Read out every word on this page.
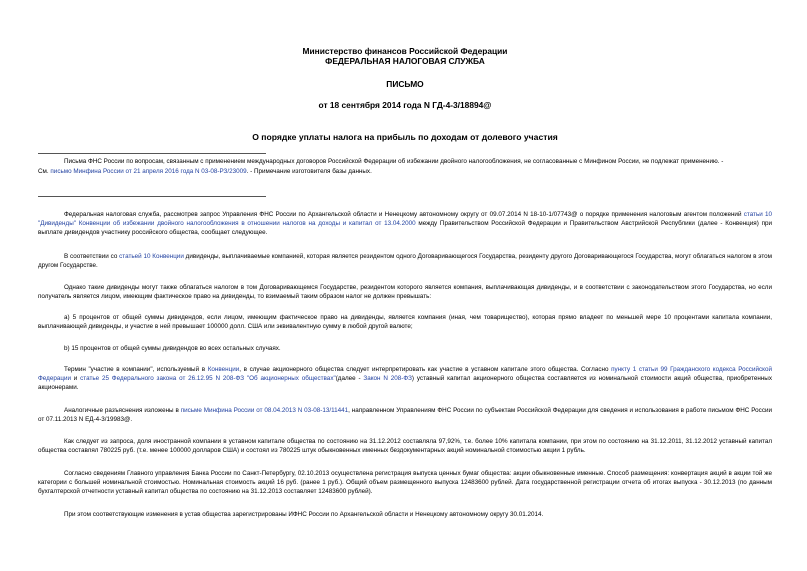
Министерство финансов Российской Федерации
ФЕДЕРАЛЬНАЯ НАЛОГОВАЯ СЛУЖБА
ПИСЬМО
от 18 сентября 2014 года N ГД-4-3/18894@
О порядке уплаты налога на прибыль по доходам от долевого участия
Письма ФНС России по вопросам, связанным с применением международных договоров Российской Федерации об избежании двойного налогообложения, не согласованные с Минфином России, не подлежат применению. -
См. письмо Минфина России от 21 апреля 2016 года N 03-08-РЗ/23009. - Примечание изготовителя базы данных.
Федеральная налоговая служба, рассмотрев запрос Управления ФНС России по Архангельской области и Ненецкому автономному округу от 09.07.2014 N 18-10-1/07743@ о порядке применения налоговым агентом положений статьи 10 "Дивиденды" Конвенции об избежании двойного налогообложения в отношении налогов на доходы и капитал от 13.04.2000 между Правительством Российской Федерации и Правительством Австрийской Республики (далее - Конвенция) при выплате дивидендов участнику российского общества, сообщает следующее.
В соответствии со статьей 10 Конвенции дивиденды, выплачиваемые компанией, которая является резидентом одного Договаривающегося Государства, резиденту другого Договаривающегося Государства, могут облагаться налогом в этом другом Государстве.
Однако такие дивиденды могут также облагаться налогом в том Договаривающемся Государстве, резидентом которого является компания, выплачивающая дивиденды, и в соответствии с законодательством этого Государства, но если получатель является лицом, имеющим фактическое право на дивиденды, то взимаемый таким образом налог не должен превышать:
а) 5 процентов от общей суммы дивидендов, если лицом, имеющим фактическое право на дивиденды, является компания (иная, чем товарищество), которая прямо владеет по меньшей мере 10 процентами капитала компании, выплачивающей дивиденды, и участие в ней превышает 100000 долл. США или эквивалентную сумму в любой другой валюте;
b) 15 процентов от общей суммы дивидендов во всех остальных случаях.
Термин "участие в компании", используемый в Конвенции, в случае акционерного общества следует интерпретировать как участие в уставном капитале этого общества. Согласно пункту 1 статьи 99 Гражданского кодекса Российской Федерации и статье 25 Федерального закона от 26.12.95 N 208-ФЗ "Об акционерных обществах"(далее - Закон N 208-ФЗ) уставный капитал акционерного общества составляется из номинальной стоимости акций общества, приобретенных акционерами.
Аналогичные разъяснения изложены в письме Минфина России от 08.04.2013 N 03-08-13/11441, направленном Управлениям ФНС России по субъектам Российской Федерации для сведения и использования в работе письмом ФНС России от 07.11.2013 N ЕД-4-3/19983@.
Как следует из запроса, доля иностранной компании в уставном капитале общества по состоянию на 31.12.2012 составляла 97,92%, т.е. более 10% капитала компании, при этом по состоянию на 31.12.2011, 31.12.2012 уставный капитал общества составлял 780225 руб. (т.е. менее 100000 долларов США) и состоял из 780225 штук обыкновенных именных бездокументарных акций номинальной стоимостью акции 1 рубль.
Согласно сведениям Главного управления Банка России по Санкт-Петербургу, 02.10.2013 осуществлена регистрация выпуска ценных бумаг общества: акции обыкновенные именные. Способ размещения: конвертация акций в акции той же категории с большей номинальной стоимостью. Номинальная стоимость акций 16 руб. (ранее 1 руб.). Общий объем размещенного выпуска 12483600 рублей. Дата государственной регистрации отчета об итогах выпуска - 30.12.2013 (по данным бухгалтерской отчетности уставный капитал общества по состоянию на 31.12.2013 составляет 12483600 рублей).
При этом соответствующие изменения в устав общества зарегистрированы ИФНС России по Архангельской области и Ненецкому автономному округу 30.01.2014.
